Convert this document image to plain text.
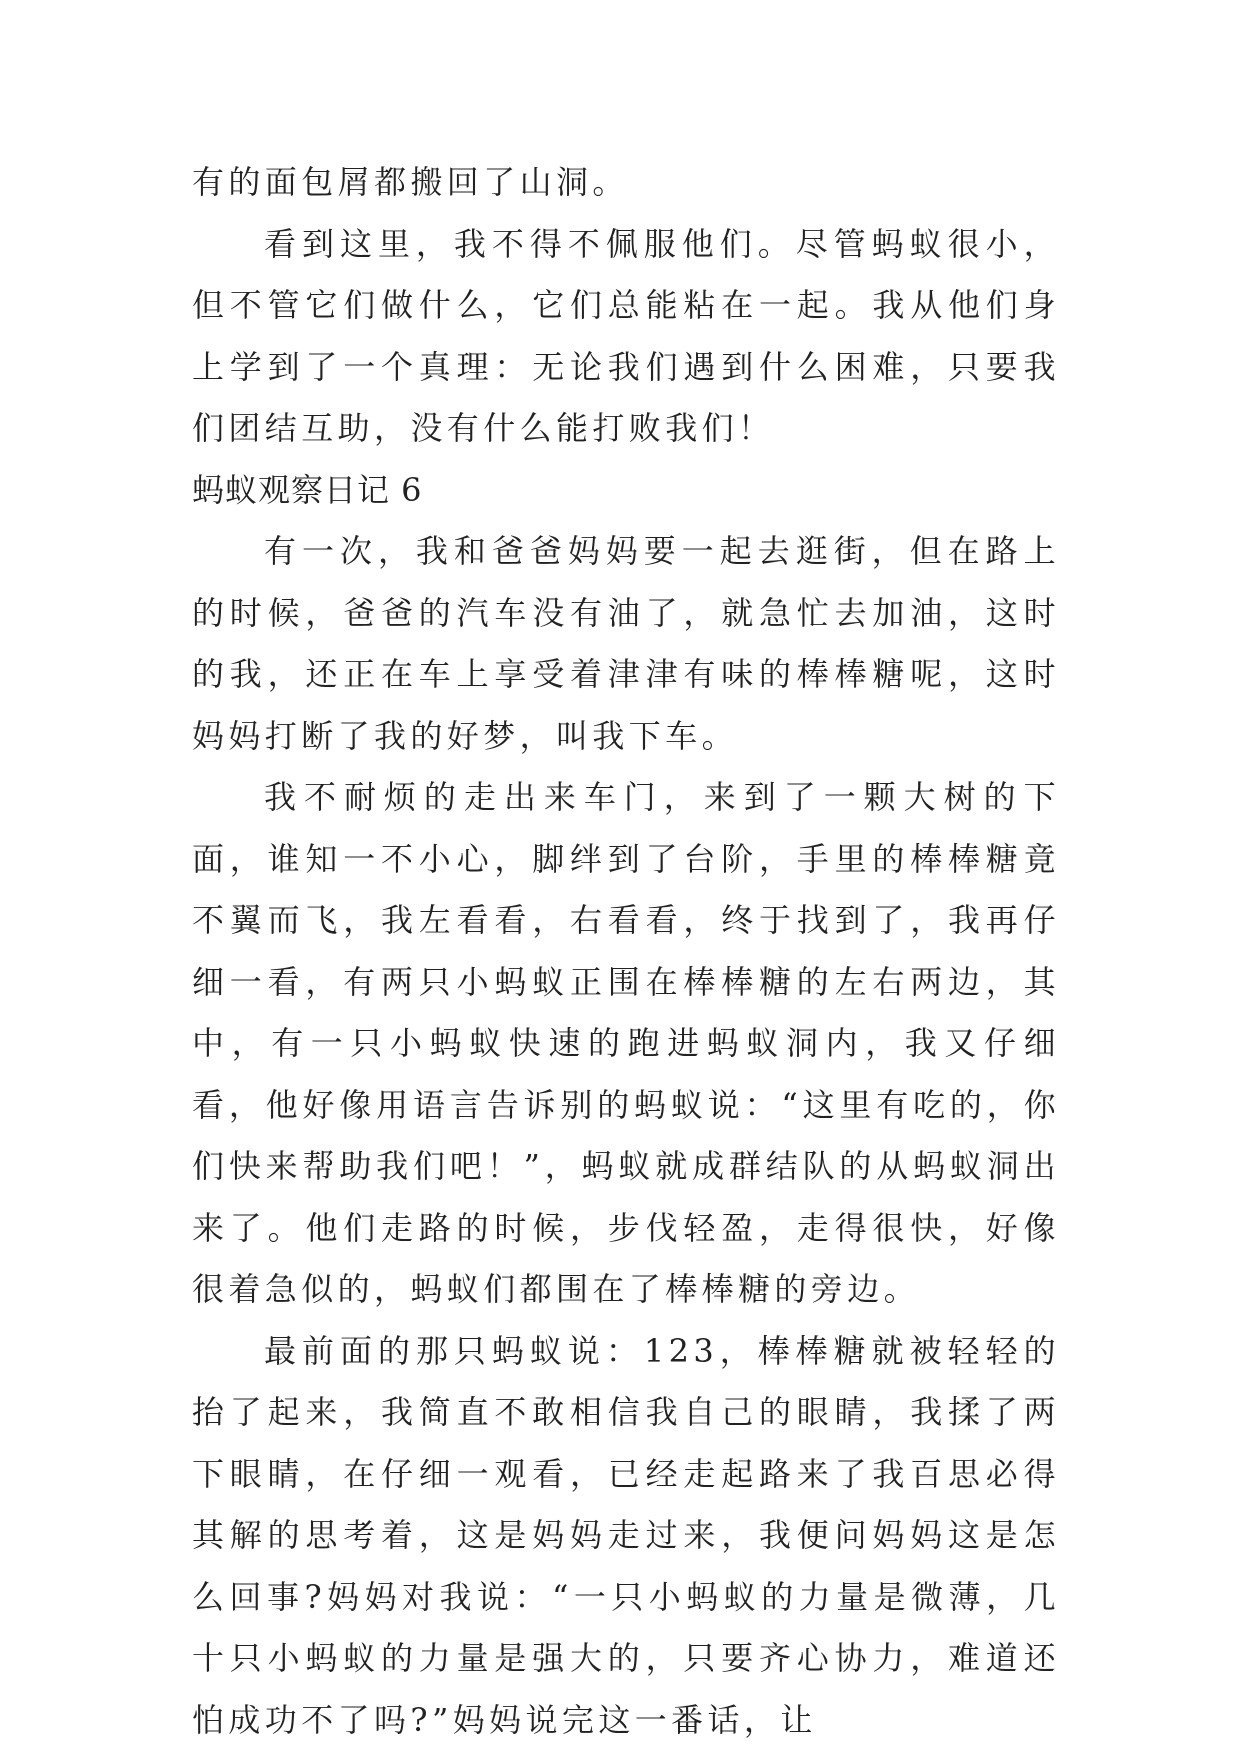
有的面包屑都搬回了山洞。

看到这里，我不得不佩服他们。尽管蚂蚁很小，但不管它们做什么，它们总能粘在一起。我从他们身上学到了一个真理：无论我们遇到什么困难，只要我们团结互助，没有什么能打败我们！

蚂蚁观察日记 6

有一次，我和爸爸妈妈要一起去逛街，但在路上的时候，爸爸的汽车没有油了，就急忙去加油，这时的我，还正在车上享受着津津有味的棒棒糖呢，这时妈妈打断了我的好梦，叫我下车。

我不耐烦的走出来车门，来到了一颗大树的下面，谁知一不小心，脚绊到了台阶，手里的棒棒糖竟不翼而飞，我左看看，右看看，终于找到了，我再仔细一看，有两只小蚂蚁正围在棒棒糖的左右两边，其中，有一只小蚂蚁快速的跑进蚂蚁洞内，我又仔细看，他好像用语言告诉别的蚂蚁说：“这里有吃的，你们快来帮助我们吧！”，蚂蚁就成群结队的从蚂蚁洞出来了。他们走路的时候，步伐轻盈，走得很快，好像很着急似的，蚂蚁们都围在了棒棒糖的旁边。

最前面的那只蚂蚁说：123，棒棒糖就被轻轻的抬了起来，我简直不敢相信我自己的眼睛，我揉了两下眼睛，在仔细一观看，已经走起路来了我百思必得其解的思考着，这是妈妈走过来，我便问妈妈这是怎么回事?妈妈对我说：“一只小蚂蚁的力量是微薄，几十只小蚂蚁的力量是强大的，只要齐心协力，难道还怕成功不了吗?”妈妈说完这一番话，让
